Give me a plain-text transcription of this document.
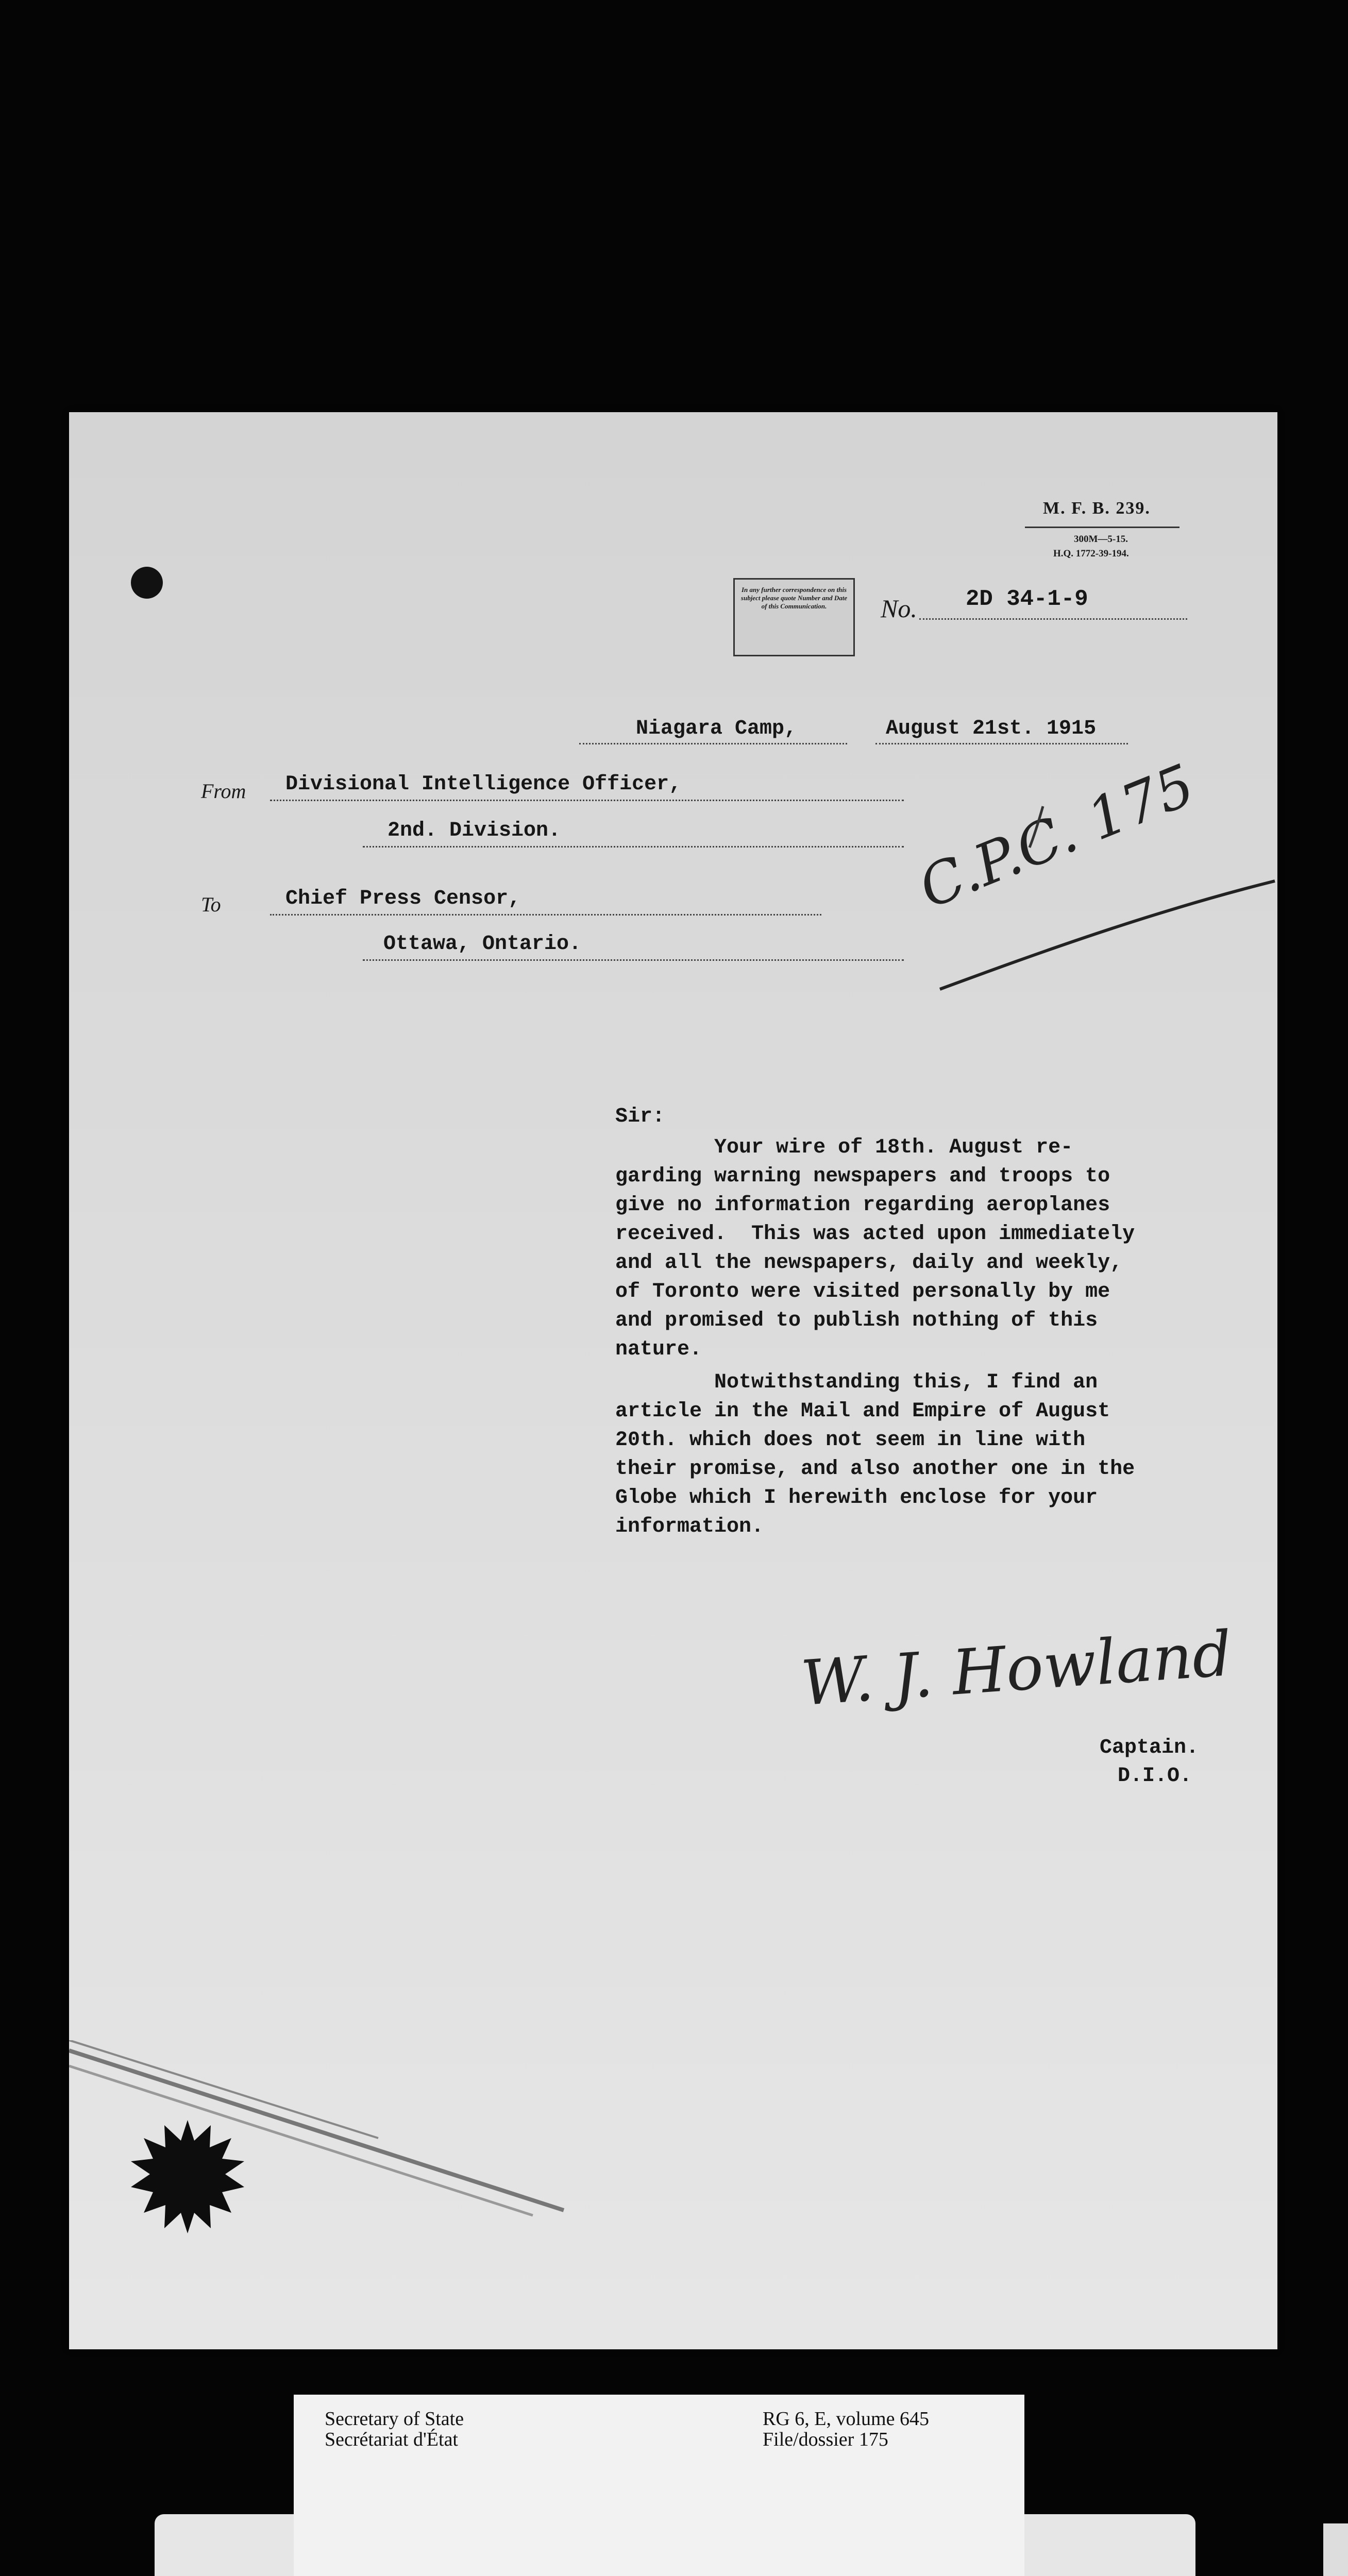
M. F. B. 239.
300M—5-15.
H.Q. 1772-39-194.
In any further correspondence on this subject please quote Number and Date of this Communication.	No. 2D 34-1-9
Niagara Camp,	August 21st. 1915
From Divisional Intelligence Officer,
2nd. Division.
To	Chief Press Censor,
Ottawa, Ontario.
C.P.C. 175
Sir:
Your wire of 18th. August re-
garding warning newspapers and troops to
give no information regarding aeroplanes
received.  This was acted upon immediately
and all the newspapers, daily and weekly,
of Toronto were visited personally by me
and promised to publish nothing of this
nature.
Notwithstanding this, I find an
article in the Mail and Empire of August
20th. which does not seem in line with
their promise, and also another one in the
Globe which I herewith enclose for your
information.
W. J. Howland
Captain.
D.I.O.
Secretary of State
Secrétariat d'État
RG 6, E, volume 645
File/dossier 175
